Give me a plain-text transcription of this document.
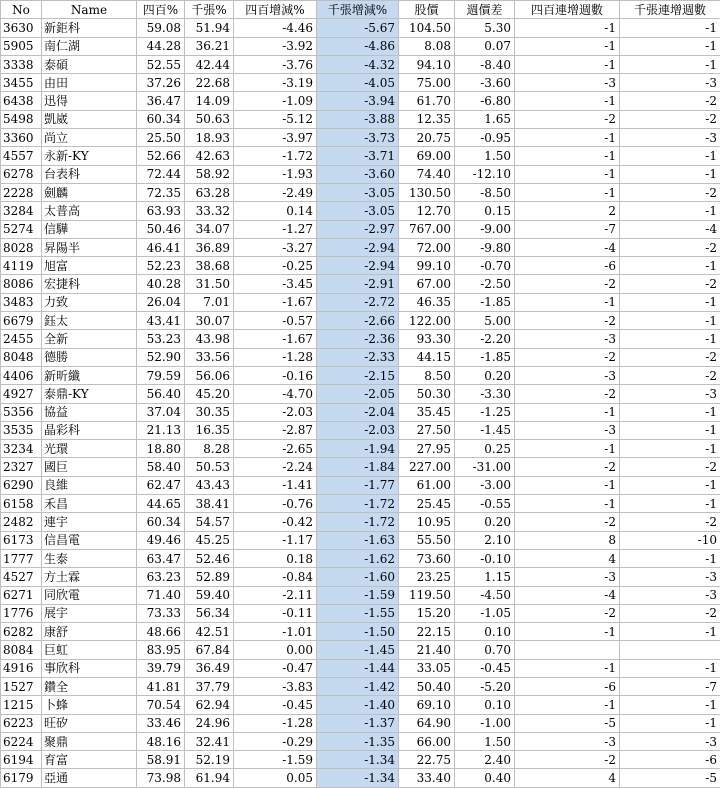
No	Name	四百%	千張%	四百增減%	千張增減%	股價	週價差	四百連增週數	千張連增週數
3630	新鉅科	59.08	51.94	-4.46	-5.67	104.50	5.30	-1	-1
5905	南仁湖	44.28	36.21	-3.92	-4.86	8.08	0.07	-1	-1
3338	泰碩	52.55	42.44	-3.76	-4.32	94.10	-8.40	-1	-1
3455	由田	37.26	22.68	-3.19	-4.05	75.00	-3.60	-3	-3
6438	迅得	36.47	14.09	-1.09	-3.94	61.70	-6.80	-1	-2
5498	凱崴	60.34	50.63	-5.12	-3.88	12.35	1.65	-2	-2
3360	尚立	25.50	18.93	-3.97	-3.73	20.75	-0.95	-1	-3
4557	永新-KY	52.66	42.63	-1.72	-3.71	69.00	1.50	-1	-1
6278	台表科	72.44	58.92	-1.93	-3.60	74.40	-12.10	-1	-1
2228	劍麟	72.35	63.28	-2.49	-3.05	130.50	-8.50	-1	-2
3284	太普高	63.93	33.32	0.14	-3.05	12.70	0.15	2	-1
5274	信驊	50.46	34.07	-1.27	-2.97	767.00	-9.00	-7	-4
8028	昇陽半	46.41	36.89	-3.27	-2.94	72.00	-9.80	-4	-2
4119	旭富	52.23	38.68	-0.25	-2.94	99.10	-0.70	-6	-1
8086	宏捷科	40.28	31.50	-3.45	-2.91	67.00	-2.50	-2	-2
3483	力致	26.04	7.01	-1.67	-2.72	46.35	-1.85	-1	-1
6679	鈺太	43.41	30.07	-0.57	-2.66	122.00	5.00	-2	-1
2455	全新	53.23	43.98	-1.67	-2.36	93.30	-2.20	-3	-1
8048	德勝	52.90	33.56	-1.28	-2.33	44.15	-1.85	-2	-2
4406	新昕纖	79.59	56.06	-0.16	-2.15	8.50	0.20	-3	-2
4927	泰鼎-KY	56.40	45.20	-4.70	-2.05	50.30	-3.30	-2	-3
5356	協益	37.04	30.35	-2.03	-2.04	35.45	-1.25	-1	-1
3535	晶彩科	21.13	16.35	-2.87	-2.03	27.50	-1.45	-3	-1
3234	光環	18.80	8.28	-2.65	-1.94	27.95	0.25	-1	-1
2327	國巨	58.40	50.53	-2.24	-1.84	227.00	-31.00	-2	-2
6290	良維	62.47	43.43	-1.41	-1.77	61.00	-3.00	-1	-1
6158	禾昌	44.65	38.41	-0.76	-1.72	25.45	-0.55	-1	-1
2482	連宇	60.34	54.57	-0.42	-1.72	10.95	0.20	-2	-2
6173	信昌電	49.46	45.25	-1.17	-1.63	55.50	2.10	8	-10
1777	生泰	63.47	52.46	0.18	-1.62	73.60	-0.10	4	-1
4527	方土霖	63.23	52.89	-0.84	-1.60	23.25	1.15	-3	-3
6271	同欣電	71.40	59.40	-2.11	-1.59	119.50	-4.50	-4	-3
1776	展宇	73.33	56.34	-0.11	-1.55	15.20	-1.05	-2	-2
6282	康舒	48.66	42.51	-1.01	-1.50	22.15	0.10	-1	-1
8084	巨虹	83.95	67.84	0.00	-1.45	21.40	0.70		
4916	事欣科	39.79	36.49	-0.47	-1.44	33.05	-0.45	-1	-1
1527	鑽全	41.81	37.79	-3.83	-1.42	50.40	-5.20	-6	-7
1215	卜蜂	70.54	62.94	-0.45	-1.40	69.10	0.10	-1	-1
6223	旺矽	33.46	24.96	-1.28	-1.37	64.90	-1.00	-5	-1
6224	聚鼎	48.16	32.41	-0.29	-1.35	66.00	1.50	-3	-3
6194	育富	58.91	52.19	-1.59	-1.34	22.75	2.40	-2	-6
6179	亞通	73.98	61.94	0.05	-1.34	33.40	0.40	4	-5
